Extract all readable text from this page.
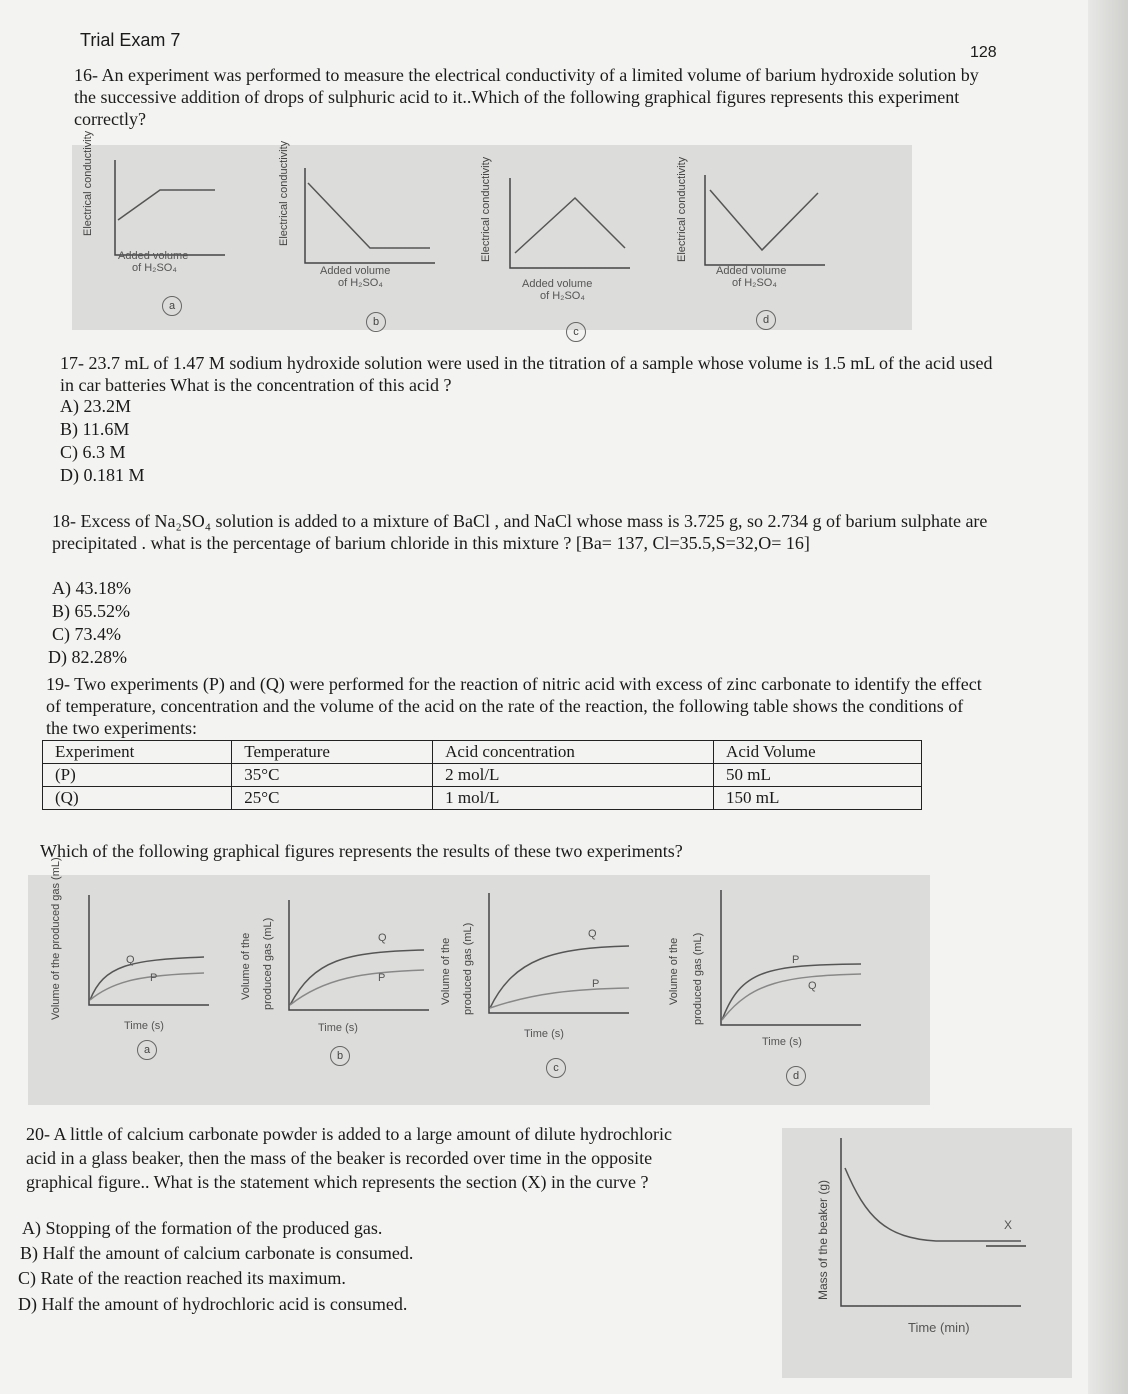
Trial Exam 7
128
16- An experiment was performed to measure the electrical conductivity of a limited volume of barium hydroxide solution by the successive addition of drops of sulphuric acid to it..Which of the following graphical figures represents this experiment correctly?
Electrical conductivity
Added volume
of H₂SO₄
a
Electrical conductivity
Added volume
of H₂SO₄
b
Electrical conductivity
Added volume
of H₂SO₄
c
Electrical conductivity
Added volume
of H₂SO₄
d
17- 23.7 mL of 1.47 M sodium hydroxide solution were used in the titration of a sample whose volume is 1.5 mL of the acid used in car batteries What is the concentration of this acid ?
A) 23.2M
B) 11.6M
C) 6.3 M
D) 0.181 M
18- Excess of Na₂SO₄ solution is added to a mixture of BaCl , and NaCl whose mass is 3.725 g, so 2.734 g of barium sulphate are precipitated . what is the percentage of barium chloride in this mixture ? [Ba= 137, Cl=35.5,S=32,O= 16]
A) 43.18%
B) 65.52%
C) 73.4%
D) 82.28%
19- Two experiments (P) and (Q) were performed for the reaction of nitric acid with excess of zinc carbonate to identify the effect of temperature, concentration and the volume of the acid on the rate of the reaction, the following table shows the conditions of the two experiments:
Experiment	Temperature	Acid concentration	Acid Volume
(P)	35°C	2 mol/L	50 mL
(Q)	25°C	1 mol/L	150 mL
Which of the following graphical figures represents the results of these two experiments?
Volume of the produced gas (mL)
Q
P
Time (s)
a
Volume of the produced gas (mL)	Q
P
Time (s)
b
Volume of the produced gas (mL)	Q
P
Time (s)
c
Volume of the produced gas (mL)	P
Q
Time (s)
d
20- A little of calcium carbonate powder is added to a large amount of dilute hydrochloric acid in a glass beaker, then the mass of the beaker is recorded over time in the opposite graphical figure.. What is the statement which represents the section (X) in the curve ?
A) Stopping of the formation of the produced gas.
B) Half the amount of calcium carbonate is consumed.
C) Rate of the reaction reached its maximum.
D) Half the amount of hydrochloric acid is consumed.
Mass of the beaker (g)	X
Time (min)
